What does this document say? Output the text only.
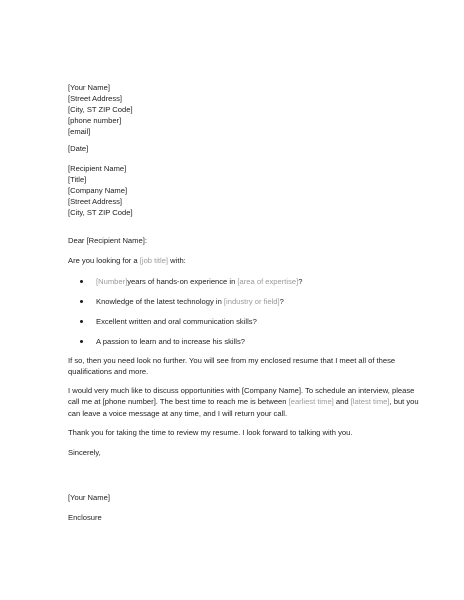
[Your Name]
[Street Address]
[City, ST ZIP Code]
[phone number]
[email]
[Date]
[Recipient Name]
[Title]
[Company Name]
[Street Address]
[City, ST ZIP Code]
Dear [Recipient Name]:
Are you looking for a [job title] with:
[Number]years of hands-on experience in [area of expertise]?
Knowledge of the latest technology in [industry or field]?
Excellent written and oral communication skills?
A passion to learn and to increase his skills?
If so, then you need look no further. You will see from my enclosed resume that I meet all of these
qualifications and more.
I would very much like to discuss opportunities with [Company Name]. To schedule an interview, please
call me at [phone number]. The best time to reach me is between [earliest time] and [latest time], but you
can leave a voice message at any time, and I will return your call.
Thank you for taking the time to review my resume. I look forward to talking with you.
Sincerely,
[Your Name]
Enclosure
